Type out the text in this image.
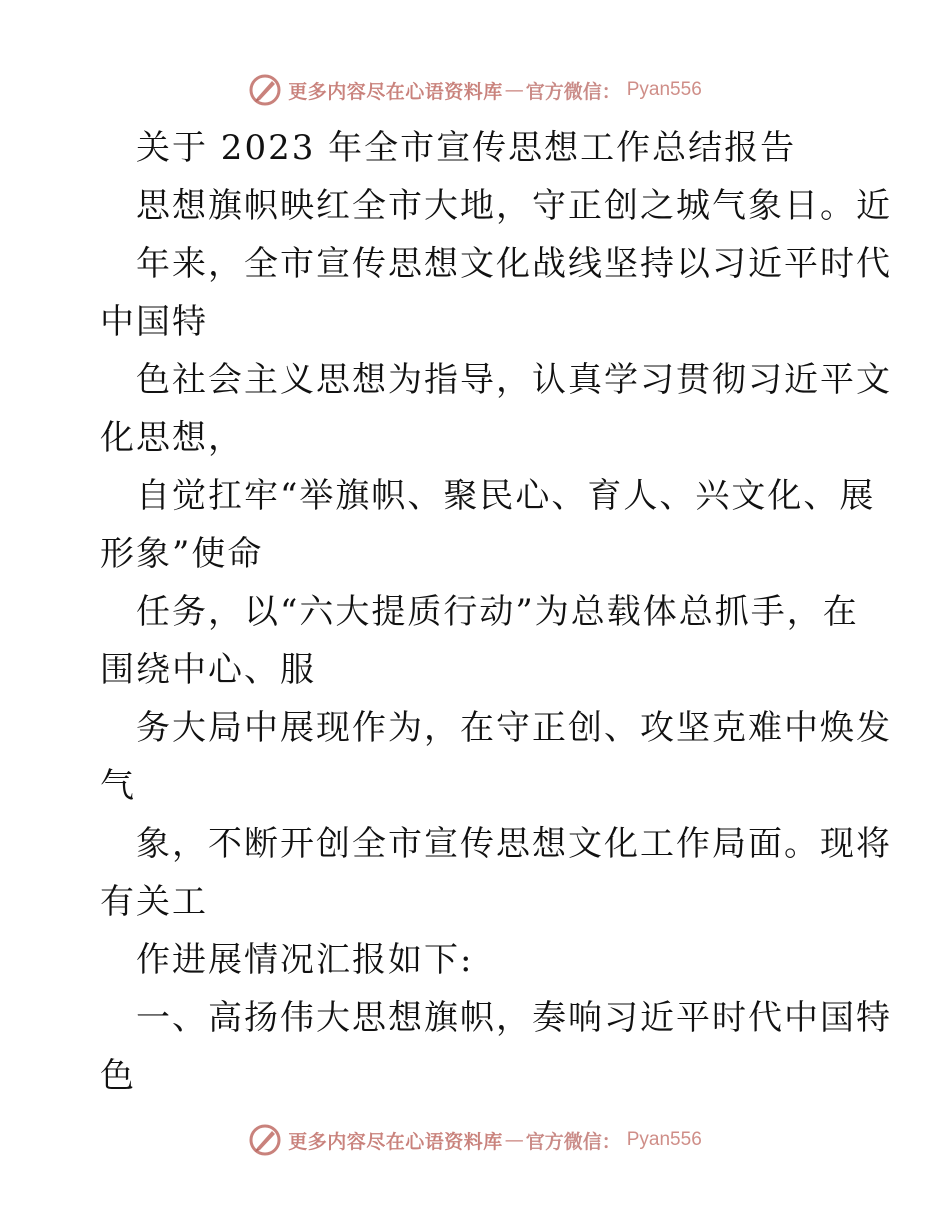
更多内容尽在心语资料库 — 官方微信： Pyan556
关于 2023 年全市宣传思想工作总结报告
思想旗帜映红全市大地，守正创之城气象日。近
年来，全市宣传思想文化战线坚持以习近平时代
中国特
色社会主义思想为指导，认真学习贯彻习近平文
化思想，
自觉扛牢“举旗帜、聚民心、育人、兴文化、展
形象”使命
任务，以“六大提质行动”为总载体总抓手，在
围绕中心、服
务大局中展现作为，在守正创、攻坚克难中焕发
气
象，不断开创全市宣传思想文化工作局面。现将
有关工
作进展情况汇报如下:
一、高扬伟大思想旗帜，奏响习近平时代中国特
色
更多内容尽在心语资料库 — 官方微信： Pyan556
